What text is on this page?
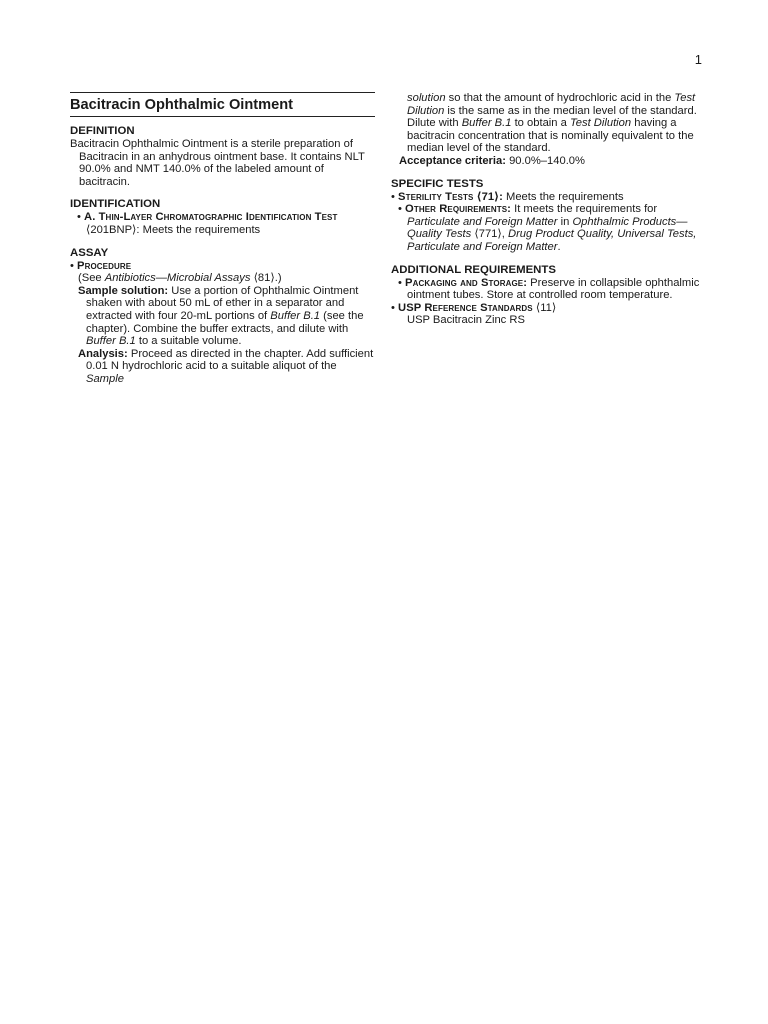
1
Bacitracin Ophthalmic Ointment
DEFINITION

Bacitracin Ophthalmic Ointment is a sterile preparation of Bacitracin in an anhydrous ointment base. It contains NLT 90.0% and NMT 140.0% of the labeled amount of bacitracin.

IDENTIFICATION

• A. Thin-Layer Chromatographic Identification Test
⟨201BNP⟩: Meets the requirements

ASSAY

• Procedure

(See Antibiotics—Microbial Assays ⟨81⟩.)

Sample solution: Use a portion of Ophthalmic Ointment shaken with about 50 mL of ether in a separator and extracted with four 20-mL portions of Buffer B.1 (see the chapter). Combine the buffer extracts, and dilute with Buffer B.1 to a suitable volume.

Analysis: Proceed as directed in the chapter. Add sufficient 0.01 N hydrochloric acid to a suitable aliquot of the Sample

solution so that the amount of hydrochloric acid in the Test Dilution is the same as in the median level of the standard. Dilute with Buffer B.1 to obtain a Test Dilution having a bacitracin concentration that is nominally equivalent to the median level of the standard.

Acceptance criteria: 90.0%–140.0%

SPECIFIC TESTS

• Sterility Tests ⟨71⟩: Meets the requirements

• Other Requirements: It meets the requirements for Particulate and Foreign Matter in Ophthalmic Products—Quality Tests ⟨771⟩, Drug Product Quality, Universal Tests, Particulate and Foreign Matter.

ADDITIONAL REQUIREMENTS

• Packaging and Storage: Preserve in collapsible ophthalmic ointment tubes. Store at controlled room temperature.

• USP Reference Standards ⟨11⟩

USP Bacitracin Zinc RS
